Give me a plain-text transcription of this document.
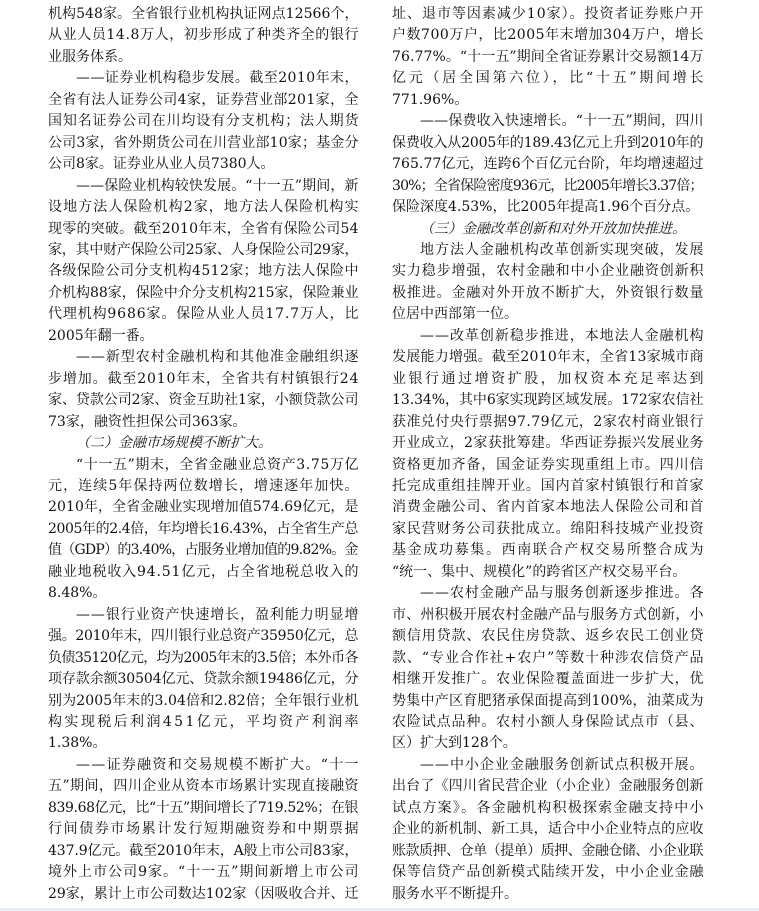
机构548家。全省银行业机构执证网点12566个，
从业人员14.8万人，初步形成了种类齐全的银行
业服务体系。
——证券业机构稳步发展。截至2010年末，
全省有法人证券公司4家，证券营业部201家，全
国知名证券公司在川均设有分支机构；法人期货
公司3家，省外期货公司在川营业部10家；基金分
公司8家。证券业从业人员7380人。
——保险业机构较快发展。“十一五”期间，新
设地方法人保险机构2家，地方法人保险机构实
现零的突破。截至2010年末，全省有保险公司54
家，其中财产保险公司25家、人身保险公司29家，
各级保险公司分支机构4512家；地方法人保险中
介机构88家，保险中介分支机构215家，保险兼业
代理机构9686家。保险从业人员17.7万人，比
2005年翻一番。
——新型农村金融机构和其他准金融组织逐
步增加。截至2010年末，全省共有村镇银行24
家、贷款公司2家、资金互助社1家，小额贷款公司
73家，融资性担保公司363家。
（二）金融市场规模不断扩大。
“十一五”期末，全省金融业总资产3.75万亿
元，连续5年保持两位数增长，增速逐年加快。
2010年，全省金融业实现增加值574.69亿元，是
2005年的2.4倍，年均增长16.43%，占全省生产总
值（GDP）的3.40%，占服务业增加值的9.82%。金
融业地税收入94.51亿元，占全省地税总收入的
8.48%。
——银行业资产快速增长，盈利能力明显增
强。2010年末，四川银行业总资产35950亿元，总
负债35120亿元，均为2005年末的3.5倍；本外币各
项存款余额30504亿元、贷款余额19486亿元，分
别为2005年末的3.04倍和2.82倍；全年银行业机
构实现税后利润451亿元，平均资产利润率
1.38%。
——证券融资和交易规模不断扩大。“十一
五”期间，四川企业从资本市场累计实现直接融资
839.68亿元，比“十五”期间增长了719.52%；在银
行间债券市场累计发行短期融资券和中期票据
437.9亿元。截至2010年末，A般上市公司83家，
境外上市公司9家。“十一五”期间新增上市公司
29家，累计上市公司数达102家（因吸收合并、迁
址、退市等因素减少10家）。投资者证券账户开
户数700万户，比2005年末增加304万户，增长
76.77%。“十一五”期间全省证券累计交易额14万
亿元（居全国第六位），比“十五”期间增长
771.96%。
——保费收入快速增长。“十一五”期间，四川
保费收入从2005年的189.43亿元上升到2010年的
765.77亿元，连跨6个百亿元台阶，年均增速超过
30%；全省保险密度936元，比2005年增长3.37倍；
保险深度4.53%，比2005年提高1.96个百分点。
（三）金融改革创新和对外开放加快推进。
地方法人金融机构改革创新实现突破，发展
实力稳步增强，农村金融和中小企业融资创新积
极推进。金融对外开放不断扩大，外资银行数量
位居中西部第一位。
——改革创新稳步推进，本地法人金融机构
发展能力增强。截至2010年末，全省13家城市商
业银行通过增资扩股，加权资本充足率达到
13.34%，其中6家实现跨区域发展。172家农信社
获准兑付央行票据97.79亿元，2家农村商业银行
开业成立，2家获批筹建。华西证券振兴发展业务
资格更加齐备，国金证券实现重组上市。四川信
托完成重组挂牌开业。国内首家村镇银行和首家
消费金融公司、省内首家本地法人保险公司和首
家民营财务公司获批成立。绵阳科技城产业投资
基金成功募集。西南联合产权交易所整合成为
“统一、集中、规模化”的跨省区产权交易平台。
——农村金融产品与服务创新逐步推进。各
市、州积极开展农村金融产品与服务方式创新，小
额信用贷款、农民住房贷款、返乡农民工创业贷
款、“专业合作社+农户”等数十种涉农信贷产品
相继开发推广。农业保险覆盖面进一步扩大，优
势集中产区育肥猪承保面提高到100%，油菜成为
农险试点品种。农村小额人身保险试点市（县、
区）扩大到128个。
——中小企业金融服务创新试点积极开展。
出台了《四川省民营企业（小企业）金融服务创新
试点方案》。各金融机构积极探索金融支持中小
企业的新机制、新工具，适合中小企业特点的应收
账款质押、仓单（提单）质押、金融仓储、小企业联
保等信贷产品创新模式陆续开发，中小企业金融
服务水平不断提升。
